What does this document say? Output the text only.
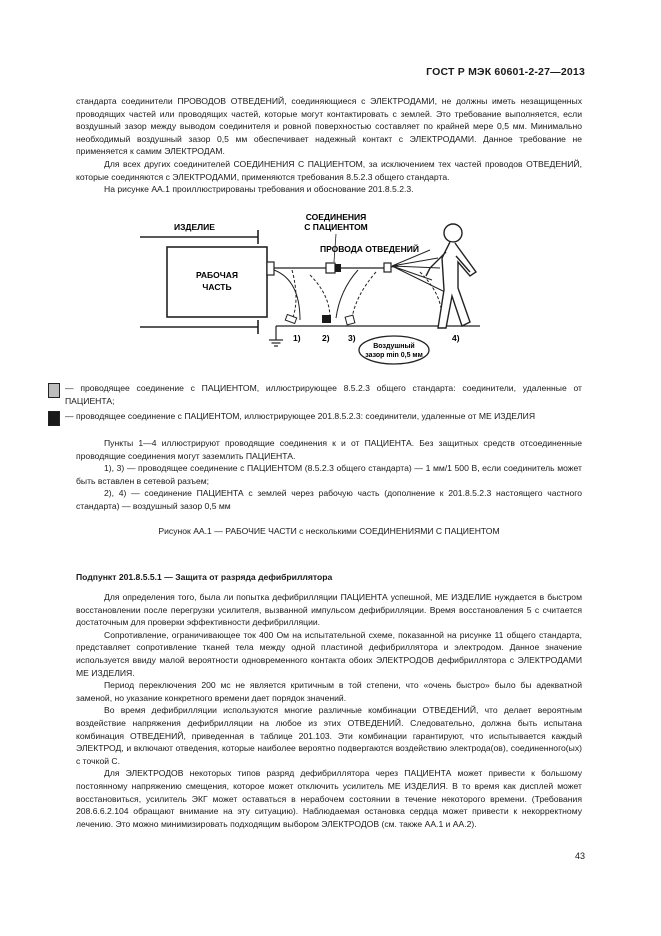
ГОСТ Р МЭК 60601-2-27—2013

стандарта соединители ПРОВОДОВ ОТВЕДЕНИЙ, соединяющиеся с ЭЛЕКТРОДАМИ, не должны иметь незащищенных проводящих частей или проводящих частей, которые могут контактировать с землей. Это требование выполняется, если воздушный зазор между выводом соединителя и ровной поверхностью составляет по крайней мере 0,5 мм. Минимально необходимый воздушный зазор 0,5 мм обеспечивает надежный контакт с ЭЛЕКТРОДАМИ. Данное требование не применяется к самим ЭЛЕКТРОДАМ.

Для всех других соединителей СОЕДИНЕНИЯ С ПАЦИЕНТОМ, за исключением тех частей проводов ОТВЕДЕНИЙ, которые соединяются с ЭЛЕКТРОДАМИ, применяются требования 8.5.2.3 общего стандарта.

На рисунке АА.1 проиллюстрированы требования и обоснование 201.8.5.2.3.

ИЗДЕЛИЕ
РАБОЧАЯ
ЧАСТЬ
1)	2) 3)	4)
СОЕДИНЕНИЯ
С ПАЦИЕНТОМ
ПРОВОДА ОТВЕДЕНИЙ
Воздушный
зазор min 0,5 мм
— проводящее соединение с ПАЦИЕНТОМ, иллюстрирующее 8.5.2.3 общего стандарта: соединители, удаленные от ПАЦИЕНТА;
— проводящее соединение с ПАЦИЕНТОМ, иллюстрирующее 201.8.5.2.3: соединители, удаленные от МЕ ИЗДЕЛИЯ

Пункты 1—4 иллюстрируют проводящие соединения к и от ПАЦИЕНТА. Без защитных средств отсоединенные проводящие соединения могут заземлить ПАЦИЕНТА.

1), 3) — проводящее соединение с ПАЦИЕНТОМ (8.5.2.3 общего стандарта) — 1 мм/1 500 В, если соединитель может быть вставлен в сетевой разъем;

2), 4) — соединение ПАЦИЕНТА с землей через рабочую часть (дополнение к 201.8.5.2.3 настоящего частного стандарта) — воздушный зазор 0,5 мм

Рисунок АА.1 — РАБОЧИЕ ЧАСТИ с несколькими СОЕДИНЕНИЯМИ С ПАЦИЕНТОМ
Подпункт 201.8.5.5.1 — Защита от разряда дефибриллятора

Для определения того, была ли попытка дефибрилляции ПАЦИЕНТА успешной, МЕ ИЗДЕЛИЕ нуждается в быстром восстановлении после перегрузки усилителя, вызванной импульсом дефибрилляции. Время восстановления 5 с считается достаточным для проверки эффективности дефибрилляции.

Сопротивление, ограничивающее ток 400 Ом на испытательной схеме, показанной на рисунке 11 общего стандарта, представляет сопротивление тканей тела между одной пластиной дефибриллятора и электродом. Данное значение используется ввиду малой вероятности одновременного контакта обоих ЭЛЕКТРОДОВ дефибриллятора с ЭЛЕКТРОДАМИ МЕ ИЗДЕЛИЯ.

Период переключения 200 мс не является критичным в той степени, что «очень быстро» было бы адекватной заменой, но указание конкретного времени дает порядок значений.

Во время дефибрилляции используются многие различные комбинации ОТВЕДЕНИЙ, что делает вероятным воздействие напряжения дефибрилляции на любое из этих ОТВЕДЕНИЙ. Следовательно, должна быть испытана комбинация ОТВЕДЕНИЙ, приведенная в таблице 201.103. Эти комбинации гарантируют, что испытывается каждый ЭЛЕКТРОД, и включают отведения, которые наиболее вероятно подвергаются воздействию электрода(ов), соединенного(ых) с точкой С.

Для ЭЛЕКТРОДОВ некоторых типов разряд дефибриллятора через ПАЦИЕНТА может привести к большому постоянному напряжению смещения, которое может отключить усилитель МЕ ИЗДЕЛИЯ. В то время как дисплей может восстановиться, усилитель ЭКГ может оставаться в нерабочем состоянии в течение некоторого времени. (Требования 208.6.6.2.104 обращают внимание на эту ситуацию). Наблюдаемая остановка сердца может привести к некорректному лечению. Это можно минимизировать подходящим выбором ЭЛЕКТРОДОВ (см. также АА.1 и АА.2).

43
